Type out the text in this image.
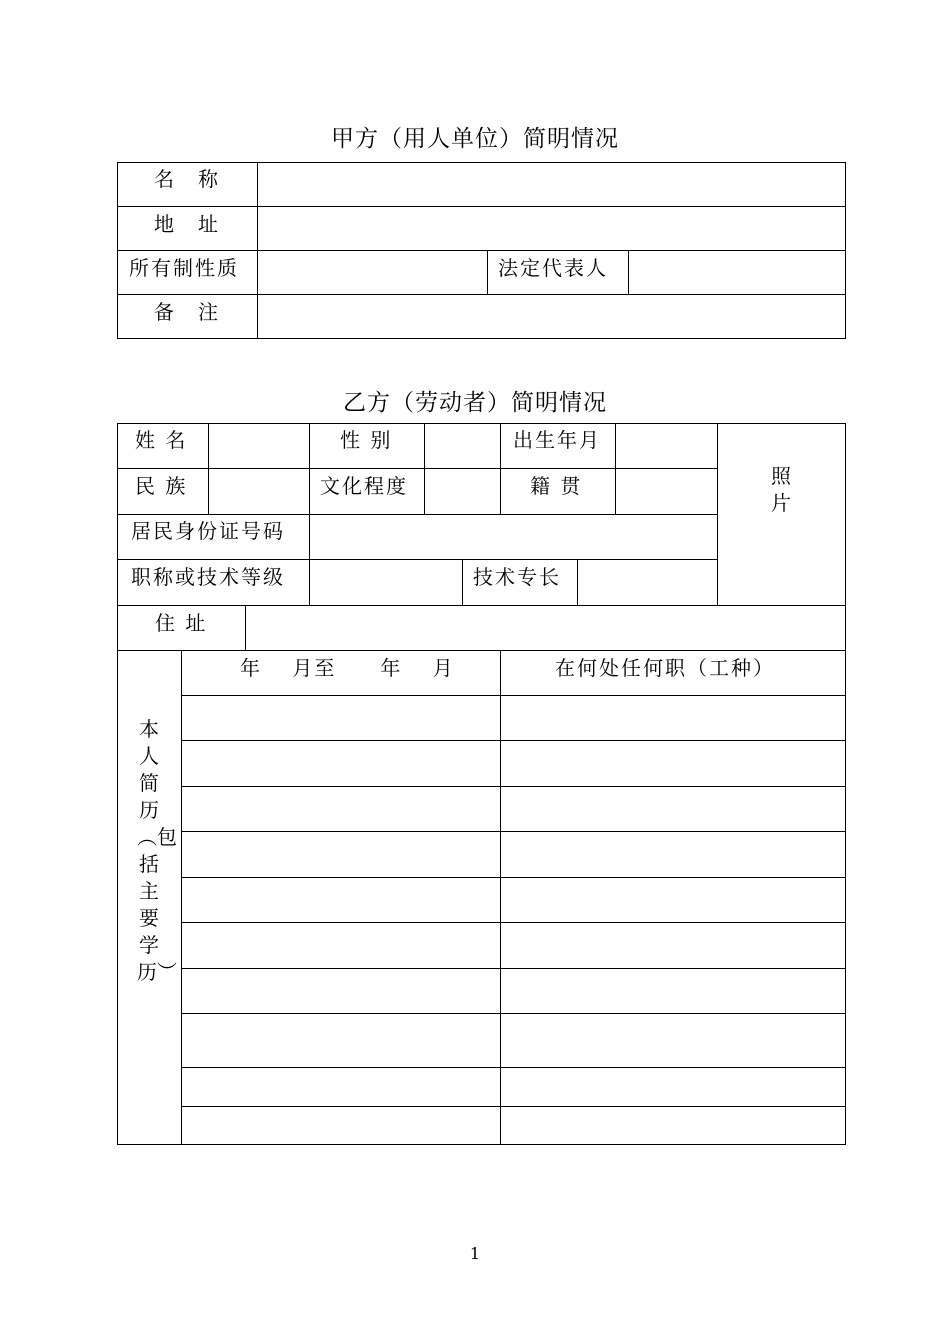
甲方（用人单位）简明情况
名　称
地　址
所有制性质	法定代表人
备　注
乙方（劳动者）简明情况
姓 名	性 别	出生年月
民 族	文化程度	籍 贯	照片
居民身份证号码
职称或技术等级	技术专长
住 址
本人简历︵包括主要学历︶
年　 月至　　年　 月	在何处任何职（工种）
1
